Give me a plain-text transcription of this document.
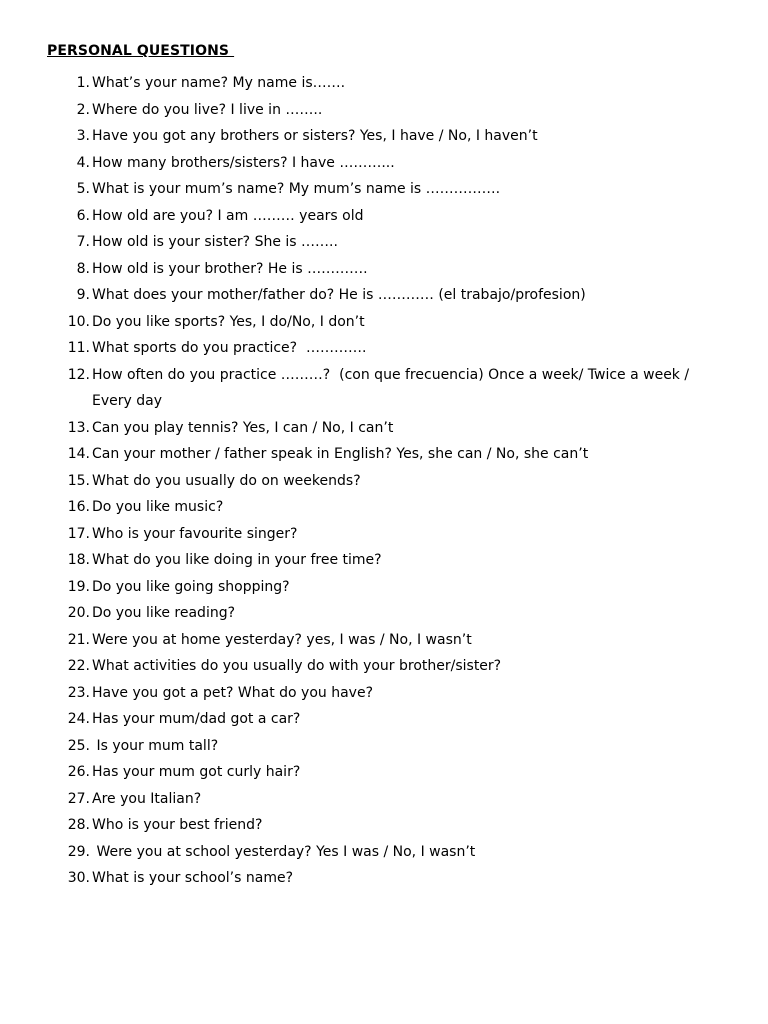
PERSONAL QUESTIONS
1. What’s your name? My name is…….
2. Where do you live? I live in ……..
3. Have you got any brothers or sisters? Yes, I have / No, I haven’t
4. How many brothers/sisters? I have ………...
5. What is your mum’s name? My mum’s name is …………….
6. How old are you? I am ……… years old
7. How old is your sister? She is ……..
8. How old is your brother? He is ………….
9. What does your mother/father do? He is ………… (el trabajo/profesion)
10. Do you like sports? Yes, I do/No, I don’t
11. What sports do you practice?  ………….
12. How often do you practice ………?  (con que frecuencia) Once a week/ Twice a week / Every day
13. Can you play tennis? Yes, I can / No, I can’t
14. Can your mother / father speak in English? Yes, she can / No, she can’t
15. What do you usually do on weekends?
16. Do you like music?
17. Who is your favourite singer?
18. What do you like doing in your free time?
19. Do you like going shopping?
20. Do you like reading?
21. Were you at home yesterday? yes, I was / No, I wasn’t
22. What activities do you usually do with your brother/sister?
23. Have you got a pet? What do you have?
24. Has your mum/dad got a car?
25. Is your mum tall?
26. Has your mum got curly hair?
27. Are you Italian?
28. Who is your best friend?
29. Were you at school yesterday? Yes I was / No, I wasn’t
30. What is your school’s name?
